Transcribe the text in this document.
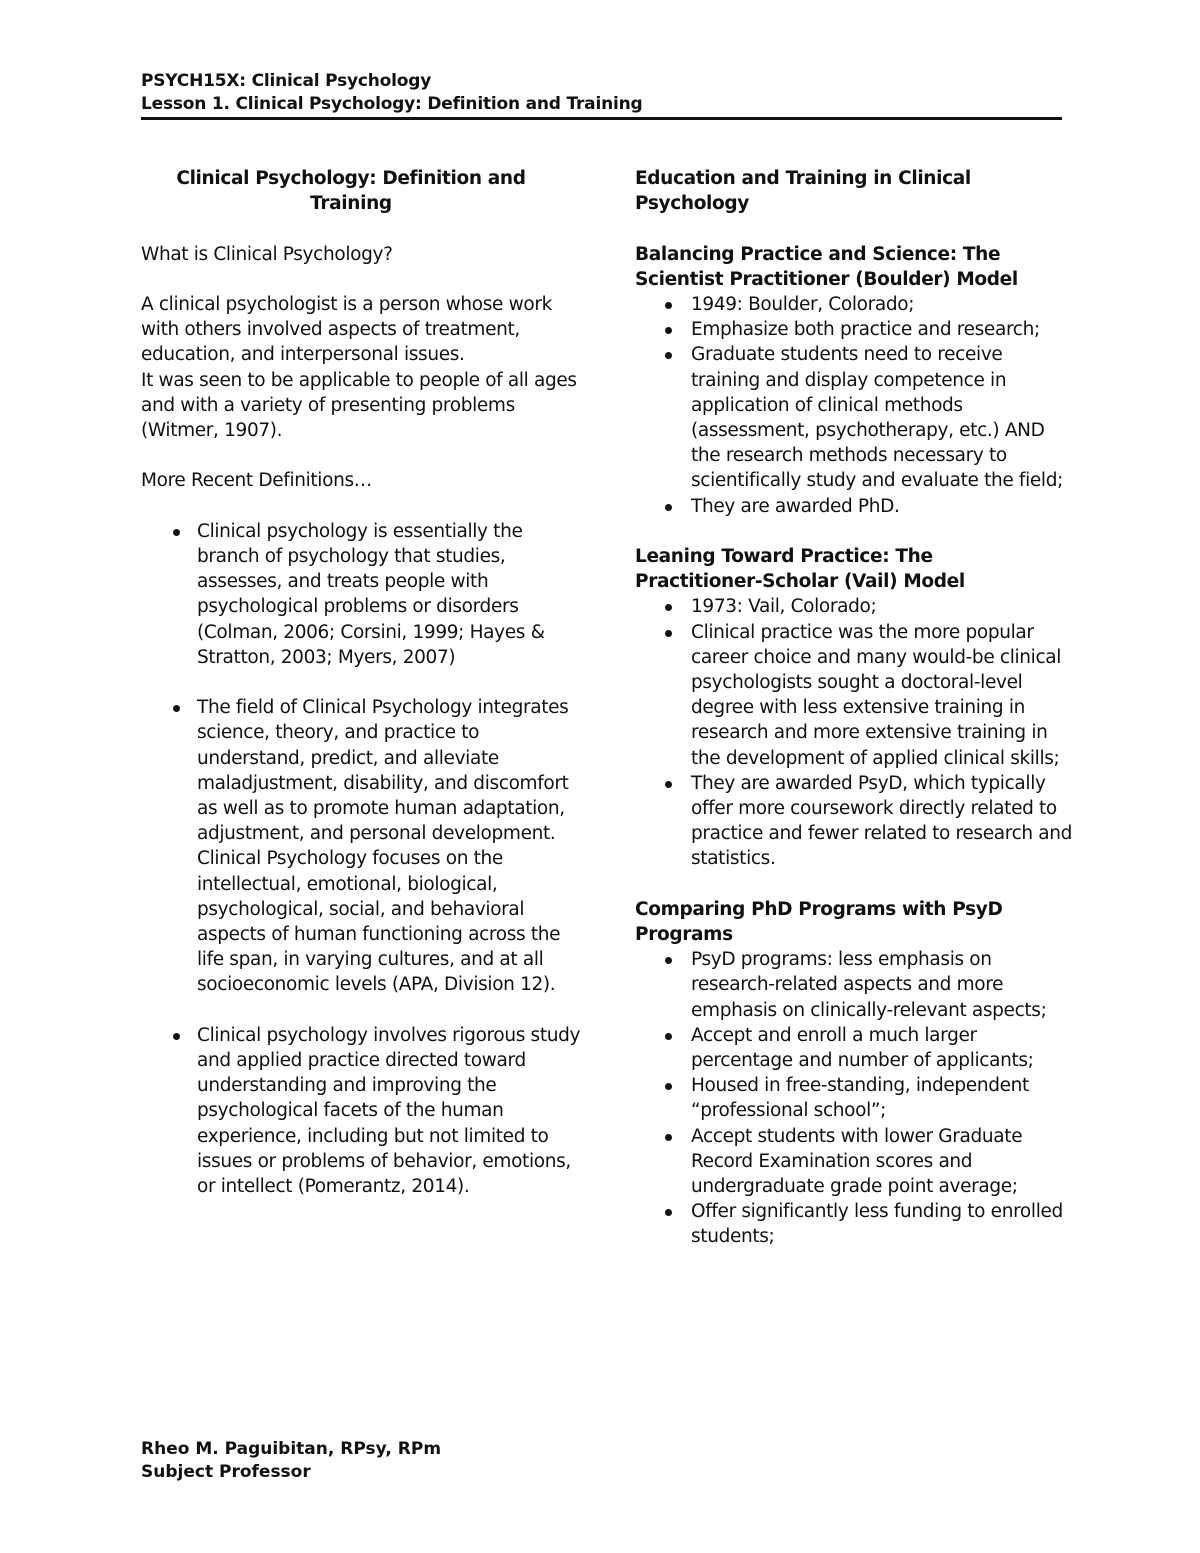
PSYCH15X: Clinical Psychology
Lesson 1. Clinical Psychology: Definition and Training
Clinical Psychology: Definition and
Training
What is Clinical Psychology?
A clinical psychologist is a person whose work with others involved aspects of treatment, education, and interpersonal issues.
It was seen to be applicable to people of all ages and with a variety of presenting problems (Witmer, 1907).
More Recent Definitions…
Clinical psychology is essentially the branch of psychology that studies, assesses, and treats people with psychological problems or disorders (Colman, 2006; Corsini, 1999; Hayes & Stratton, 2003; Myers, 2007)
The field of Clinical Psychology integrates science, theory, and practice to understand, predict, and alleviate maladjustment, disability, and discomfort as well as to promote human adaptation, adjustment, and personal development. Clinical Psychology focuses on the intellectual, emotional, biological, psychological, social, and behavioral aspects of human functioning across the life span, in varying cultures, and at all socioeconomic levels (APA, Division 12).
Clinical psychology involves rigorous study and applied practice directed toward understanding and improving the psychological facets of the human experience, including but not limited to issues or problems of behavior, emotions, or intellect (Pomerantz, 2014).
Education and Training in Clinical
Psychology
Balancing Practice and Science: The
Scientist Practitioner (Boulder) Model
1949: Boulder, Colorado;
Emphasize both practice and research;
Graduate students need to receive training and display competence in application of clinical methods (assessment, psychotherapy, etc.) AND the research methods necessary to scientifically study and evaluate the field;
They are awarded PhD.
Leaning Toward Practice: The
Practitioner-Scholar (Vail) Model
1973: Vail, Colorado;
Clinical practice was the more popular career choice and many would-be clinical psychologists sought a doctoral-level degree with less extensive training in research and more extensive training in the development of applied clinical skills;
They are awarded PsyD, which typically offer more coursework directly related to practice and fewer related to research and statistics.
Comparing PhD Programs with PsyD
Programs
PsyD programs: less emphasis on research-related aspects and more emphasis on clinically-relevant aspects;
Accept and enroll a much larger percentage and number of applicants;
Housed in free-standing, independent “professional school”;
Accept students with lower Graduate Record Examination scores and undergraduate grade point average;
Offer significantly less funding to enrolled students;
Rheo M. Paguibitan, RPsy, RPm
Subject Professor
